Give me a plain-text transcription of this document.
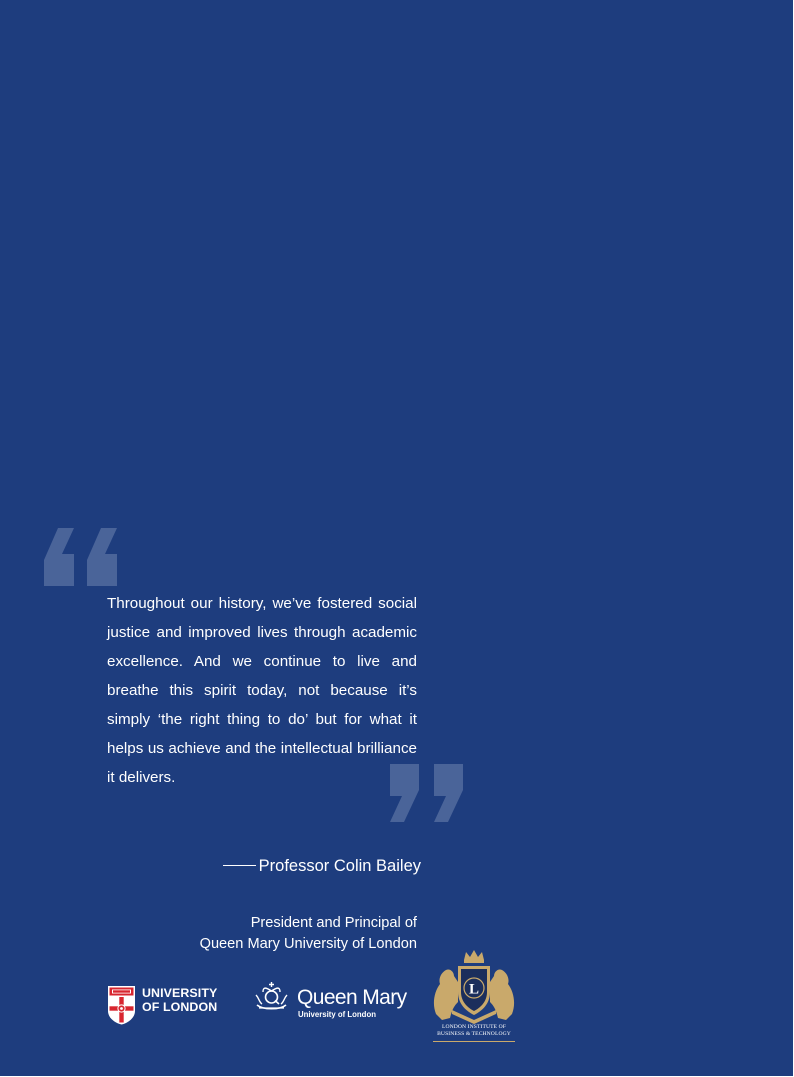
Throughout our history, we’ve fostered social justice and improved lives through academic excellence. And we continue to live and breathe this spirit today, not because it’s simply ‘the right thing to do’ but for what it helps us achieve and the intellectual brilliance it delivers.

Professor Colin Bailey
President and Principal of
Queen Mary University of London
UNIVERSITY
OF LONDON	Queen Mary
University of London
L
LONDON INSTITUTE OF
BUSINESS & TECHNOLOGY
